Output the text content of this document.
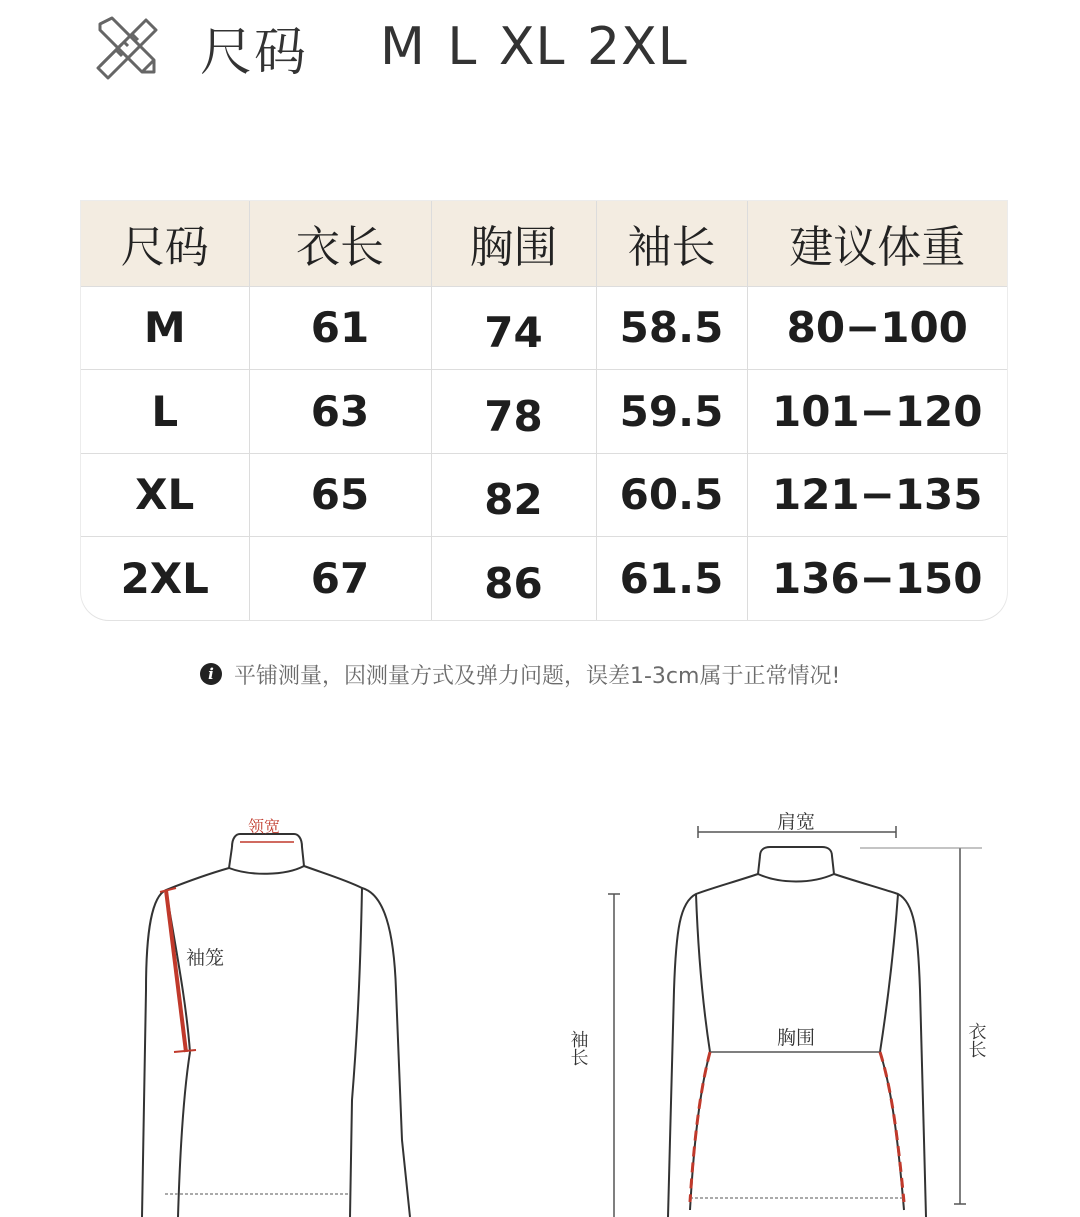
尺码 M L XL 2XL
尺码	衣长	胸围	袖长	建议体重
M	61	74	58.5	80−100
L	63	78	59.5	101−120
XL	65	82	60.5	121−135
2XL	67	86	61.5	136−150
i 平铺测量，因测量方式及弹力问题，误差1-3cm属于正常情况!
领宽
袖笼
肩宽
胸围
袖长	衣长
